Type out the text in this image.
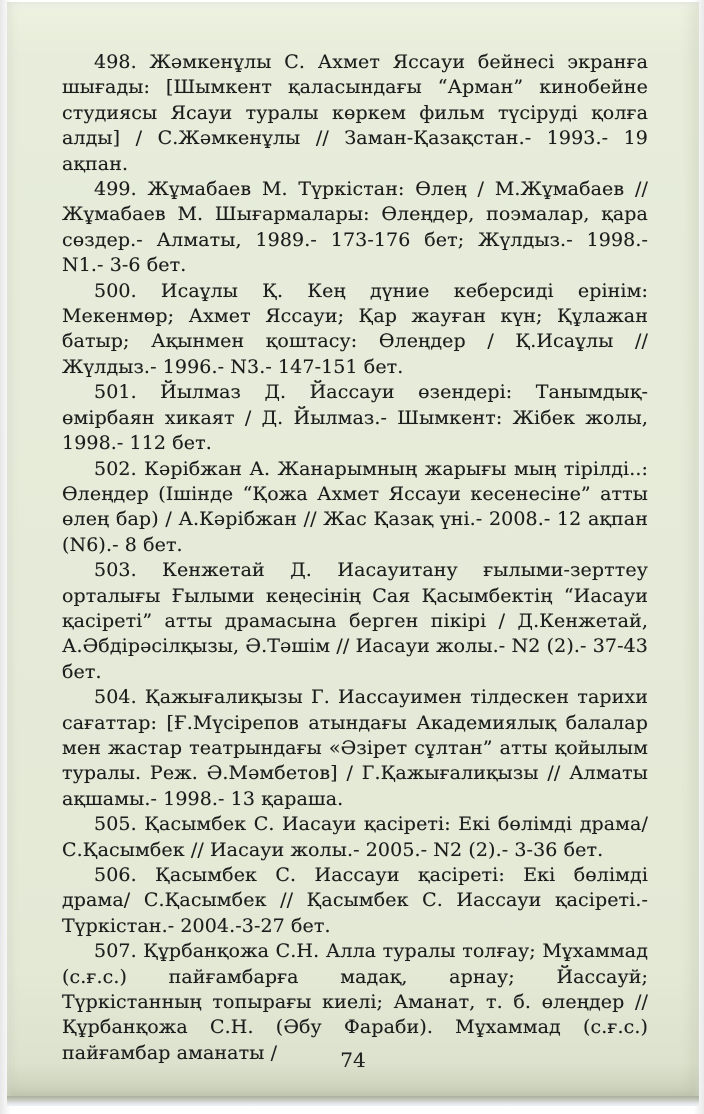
498. Жәмкенұлы С. Ахмет Яссауи бейнесі экранға шығады: [Шымкент қаласындағы “Арман” кинобейне студиясы Ясауи туралы көркем фильм түсіруді қолға алды] / С.Жәмкенұлы // Заман-Қазақстан.- 1993.- 19 ақпан.

499. Жұмабаев М. Түркістан: Өлең / М.Жұмабаев // Жұмабаев М. Шығармалары: Өлеңдер, поэмалар, қара сөздер.- Алматы, 1989.- 173-176 бет; Жүлдыз.- 1998.- N1.- 3-6 бет.

500. Исаұлы Қ. Кең дүние кеберсиді ерінім: Мекенмөр; Ахмет Яссауи; Қар жауған күн; Құлажан батыр; Ақынмен қоштасу: Өлеңдер / Қ.Исаұлы // Жүлдыз.- 1996.- N3.- 147-151 бет.

501. Йылмаз Д. Йассауи өзендері: Танымдық-өмірбаян хикаят / Д. Йылмаз.- Шымкент: Жібек жолы, 1998.- 112 бет.

502. Кәрібжан А. Жанарымның жарығы мың тірілді..: Өлеңдер (Ішінде “Қожа Ахмет Яссауи кесенесіне” атты өлең бар) / А.Кәрібжан // Жас Қазақ үні.- 2008.- 12 ақпан (N6).- 8 бет.

503. Кенжетай Д. Иасауитану ғылыми-зерттеу орталығы Ғылыми кеңесінің Сая Қасымбектің “Иасауи қасіреті” атты драмасына берген пікірі / Д.Кенжетай, А.Әбдірәсілқызы, Ә.Тәшім // Иасауи жолы.- N2 (2).- 37-43 бет.

504. Қажығалиқызы Г. Иассауимен тілдескен тарихи сағаттар: [Ғ.Мүсірепов атындағы Академиялық балалар мен жастар театрындағы «Әзірет сұлтан” атты қойылым туралы. Реж. Ә.Мәмбетов] / Г.Қажығалиқызы // Алматы ақшамы.- 1998.- 13 қараша.

505. Қасымбек С. Иасауи қасіреті: Екі бөлімді драма/ С.Қасымбек // Иасауи жолы.- 2005.- N2 (2).- 3-36 бет.

506. Қасымбек С. Иассауи қасіреті: Екі бөлімді драма/ С.Қасымбек // Қасымбек С. Иассауи қасіреті.- Түркістан.- 2004.-3-27 бет.

507. Құрбанқожа С.Н. Алла туралы толғау; Мұхаммад (с.ғ.с.) пайғамбарға мадақ, арнау; Йассауй; Түркістанның топырағы киелі; Аманат, т. б. өлеңдер // Құрбанқожа С.Н. (Әбу Фараби). Мұхаммад (с.ғ.с.) пайғамбар аманаты /	74
